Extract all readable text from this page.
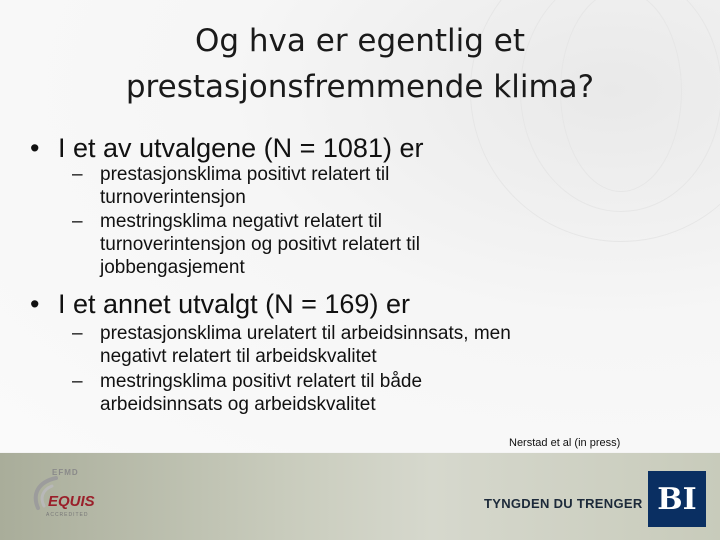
Og hva er egentlig et
prestasjonsfremmende klima?
• I et av utvalgene (N = 1081) er
– prestasjonsklima positivt relatert til
turnoverintensjon
– mestringsklima negativt relatert til
turnoverintensjon og positivt relatert til
jobbengasjement
• I et annet utvalgt (N = 169) er
– prestasjonsklima urelatert til arbeidsinnsats, men
negativt relatert til arbeidskvalitet
– mestringsklima positivt relatert til både
arbeidsinnsats og arbeidskvalitet
Nerstad et al (in press)
EFMD
EQUIS
ACCREDITED
TYNGDEN DU TRENGER BI
